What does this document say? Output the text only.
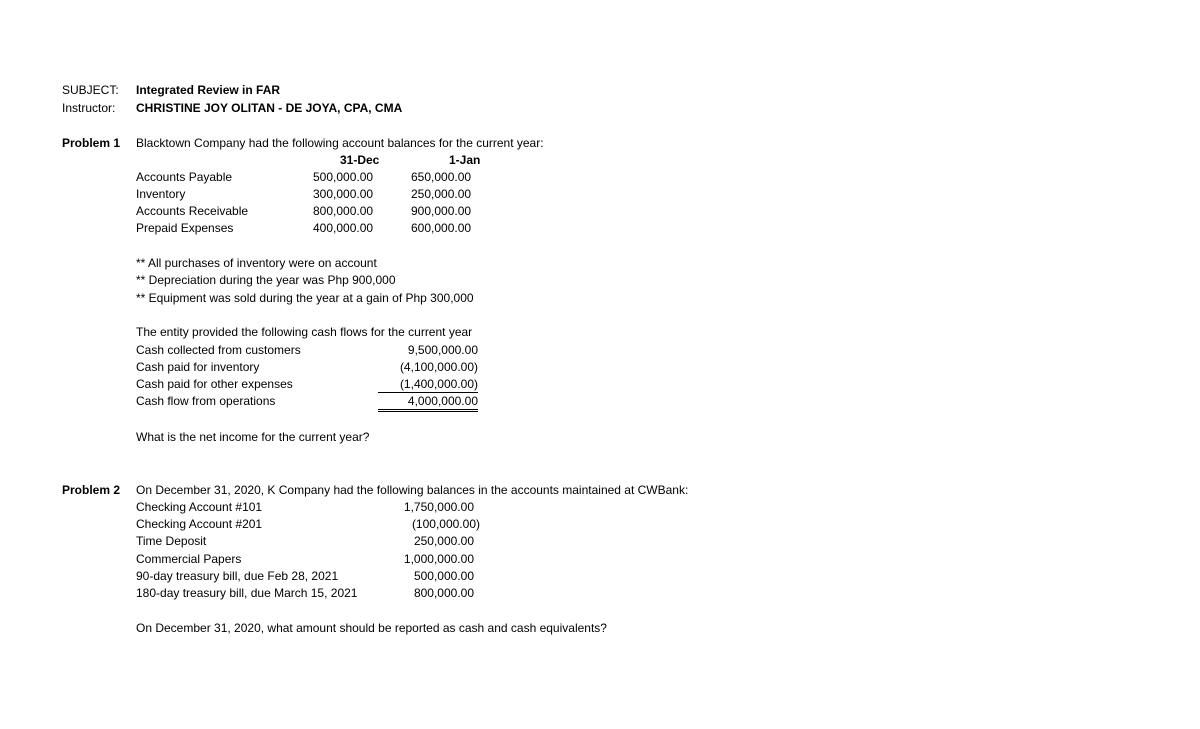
SUBJECT: Integrated Review in FAR
Instructor: CHRISTINE JOY OLITAN - DE JOYA, CPA, CMA
Problem 1 Blacktown Company had the following account balances for the current year:
31-Dec	1-Jan
Accounts Payable	500,000.00	650,000.00
Inventory	300,000.00	250,000.00
Accounts Receivable	800,000.00	900,000.00
Prepaid Expenses	400,000.00	600,000.00
** All purchases of inventory were on account
** Depreciation during the year was Php 900,000
** Equipment was sold during the year at a gain of Php 300,000
The entity provided the following cash flows for the current year
Cash collected from customers	9,500,000.00
Cash paid for inventory	(4,100,000.00)
Cash paid for other expenses	(1,400,000.00)
Cash flow from operations	4,000,000.00
What is the net income for the current year?
Problem 2 On December 31, 2020, K Company had the following balances in the accounts maintained at CWBank:
Checking Account #101	1,750,000.00
Checking Account #201	(100,000.00)
Time Deposit	250,000.00
Commercial Papers	1,000,000.00
90-day treasury bill, due Feb 28, 2021	500,000.00
180-day treasury bill, due March 15, 2021	800,000.00
On December 31, 2020, what amount should be reported as cash and cash equivalents?
